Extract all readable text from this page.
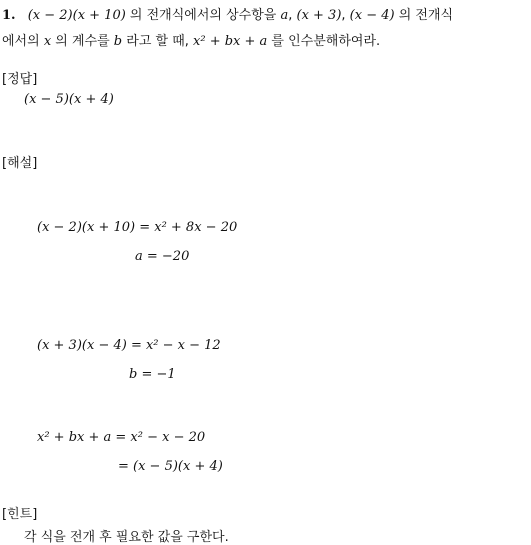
1. (x − 2)(x + 10) 의 전개식에서의 상수항을 a, (x + 3), (x − 4) 의 전개식
에서의 x 의 계수를 b 라고 할 때, x² + bx + a 를 인수분해하여라.
[정답]
(x − 5)(x + 4)
[해설]
(x − 2)(x + 10) = x² + 8x − 20
a = −20
(x + 3)(x − 4) = x² − x − 12
b = −1
x² + bx + a = x² − x − 20
= (x − 5)(x + 4)
[힌트]
각 식을 전개 후 필요한 값을 구한다.
